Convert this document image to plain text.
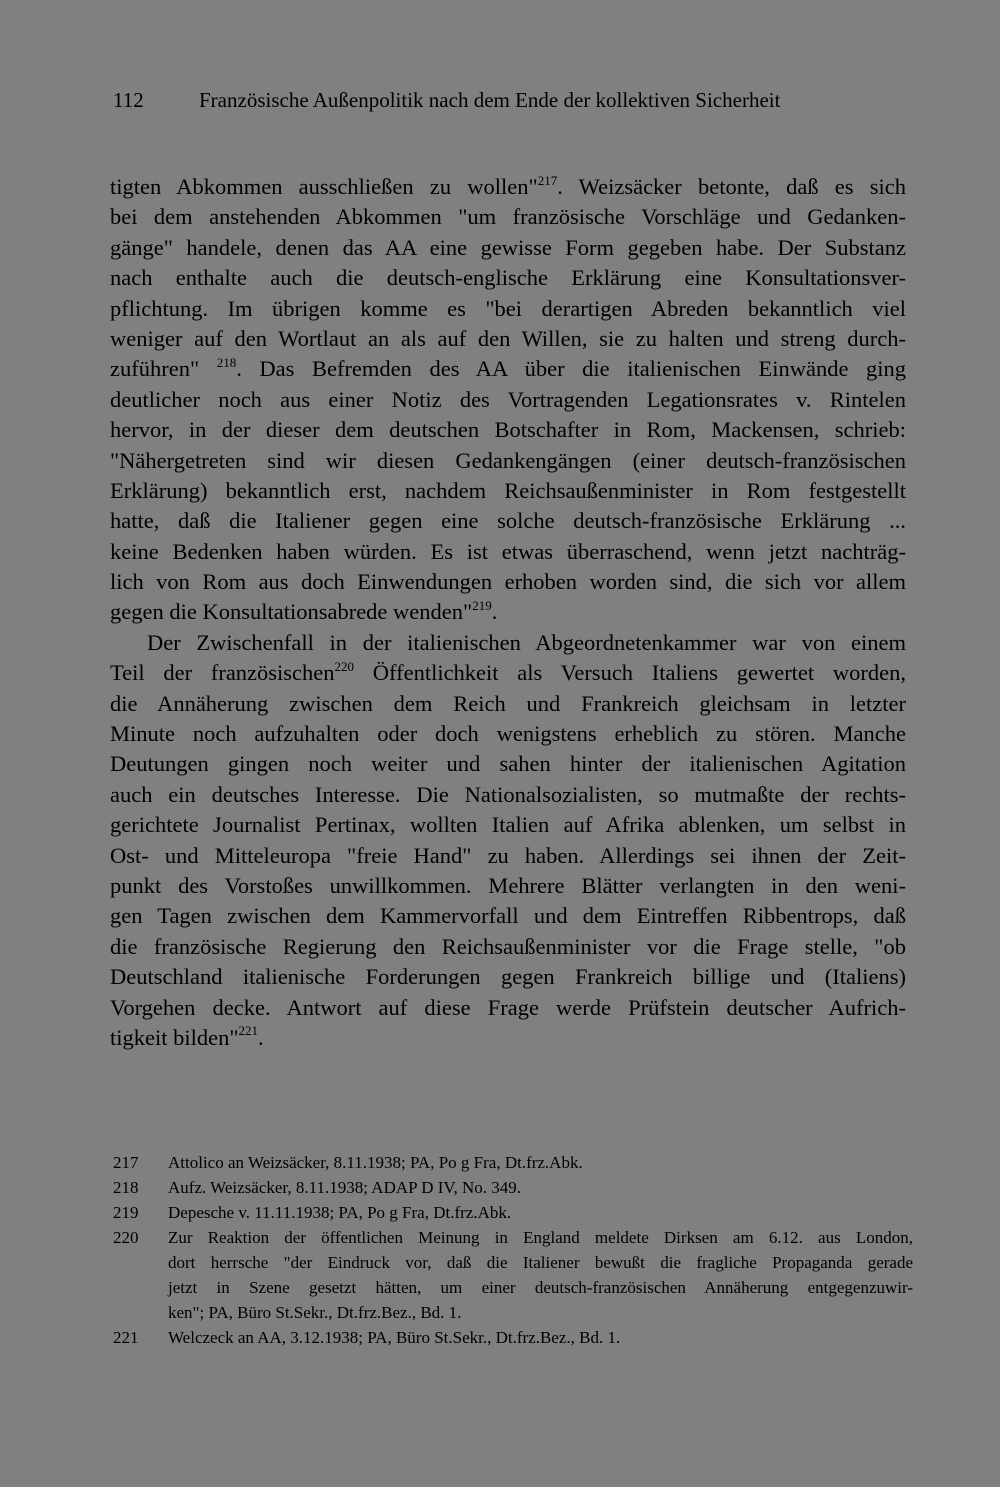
112	Französische Außenpolitik nach dem Ende der kollektiven Sicherheit
tigten Abkommen ausschließen zu wollen"$^{217}$. Weizsäcker betonte, daß es sich
bei dem anstehenden Abkommen "um französische Vorschläge und Gedanken-
gänge" handele, denen das AA eine gewisse Form gegeben habe. Der Substanz
nach enthalte auch die deutsch-englische Erklärung eine Konsultationsver-
pflichtung. Im übrigen komme es "bei derartigen Abreden bekanntlich viel
weniger auf den Wortlaut an als auf den Willen, sie zu halten und streng durch-
zuführen" $^{218}$. Das Befremden des AA über die italienischen Einwände ging
deutlicher noch aus einer Notiz des Vortragenden Legationsrates v. Rintelen
hervor, in der dieser dem deutschen Botschafter in Rom, Mackensen, schrieb:
"Nähergetreten sind wir diesen Gedankengängen (einer deutsch-französischen
Erklärung) bekanntlich erst, nachdem Reichsaußenminister in Rom festgestellt
hatte, daß die Italiener gegen eine solche deutsch-französische Erklärung ...
keine Bedenken haben würden. Es ist etwas überraschend, wenn jetzt nachträg-
lich von Rom aus doch Einwendungen erhoben worden sind, die sich vor allem
gegen die Konsultationsabrede wenden"$^{219}$.
Der Zwischenfall in der italienischen Abgeordnetenkammer war von einem
Teil der französischen$^{220}$ Öffentlichkeit als Versuch Italiens gewertet worden,
die Annäherung zwischen dem Reich und Frankreich gleichsam in letzter
Minute noch aufzuhalten oder doch wenigstens erheblich zu stören. Manche
Deutungen gingen noch weiter und sahen hinter der italienischen Agitation
auch ein deutsches Interesse. Die Nationalsozialisten, so mutmaßte der rechts-
gerichtete Journalist Pertinax, wollten Italien auf Afrika ablenken, um selbst in
Ost- und Mitteleuropa "freie Hand" zu haben. Allerdings sei ihnen der Zeit-
punkt des Vorstoßes unwillkommen. Mehrere Blätter verlangten in den weni-
gen Tagen zwischen dem Kammervorfall und dem Eintreffen Ribbentrops, daß
die französische Regierung den Reichsaußenminister vor die Frage stelle, "ob
Deutschland italienische Forderungen gegen Frankreich billige und (Italiens)
Vorgehen decke. Antwort auf diese Frage werde Prüfstein deutscher Aufrich-
tigkeit bilden"$^{221}$.
217	Attolico an Weizsäcker, 8.11.1938; PA, Po g Fra, Dt.frz.Abk.
218	Aufz. Weizsäcker, 8.11.1938; ADAP D IV, No. 349.
219	Depesche v. 11.11.1938; PA, Po g Fra, Dt.frz.Abk.
220	Zur Reaktion der öffentlichen Meinung in England meldete Dirksen am 6.12. aus London,
dort herrsche "der Eindruck vor, daß die Italiener bewußt die fragliche Propaganda gerade
jetzt in Szene gesetzt hätten, um einer deutsch-französischen Annäherung entgegenzuwir-
ken"; PA, Büro St.Sekr., Dt.frz.Bez., Bd. 1.
221	Welczeck an AA, 3.12.1938; PA, Büro St.Sekr., Dt.frz.Bez., Bd. 1.
